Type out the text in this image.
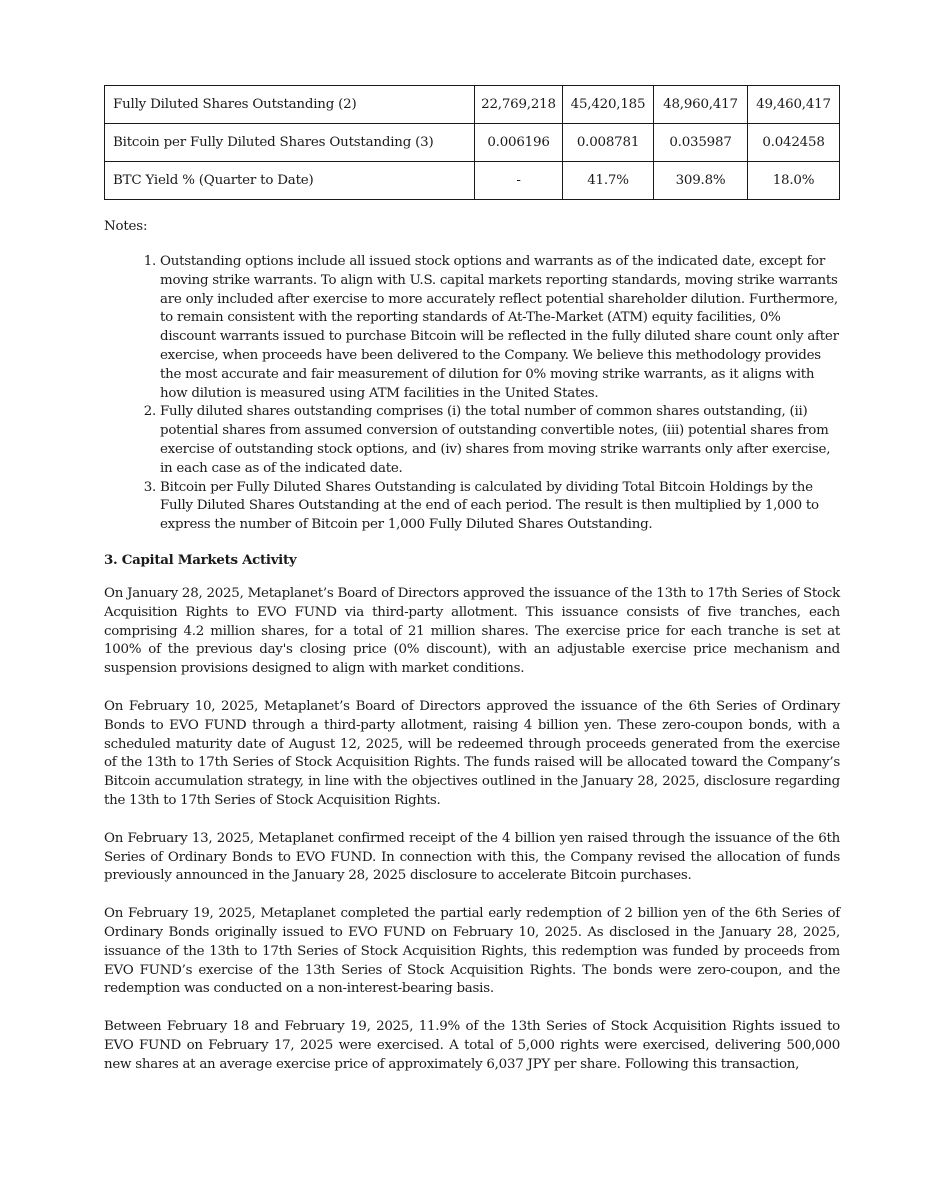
Fully Diluted Shares Outstanding (2)	22,769,218	45,420,185	48,960,417	49,460,417
Bitcoin per Fully Diluted Shares Outstanding (3)	0.006196	0.008781	0.035987	0.042458
BTC Yield % (Quarter to Date)	-	41.7%	309.8%	18.0%
Notes:
1. Outstanding options include all issued stock options and warrants as of the indicated date, except for moving strike warrants. To align with U.S. capital markets reporting standards, moving strike warrants are only included after exercise to more accurately reflect potential shareholder dilution. Furthermore, to remain consistent with the reporting standards of At-The-Market (ATM) equity facilities, 0% discount warrants issued to purchase Bitcoin will be reflected in the fully diluted share count only after exercise, when proceeds have been delivered to the Company. We believe this methodology provides the most accurate and fair measurement of dilution for 0% moving strike warrants, as it aligns with how dilution is measured using ATM facilities in the United States.
2. Fully diluted shares outstanding comprises (i) the total number of common shares outstanding, (ii) potential shares from assumed conversion of outstanding convertible notes, (iii) potential shares from exercise of outstanding stock options, and (iv) shares from moving strike warrants only after exercise, in each case as of the indicated date.
3. Bitcoin per Fully Diluted Shares Outstanding is calculated by dividing Total Bitcoin Holdings by the Fully Diluted Shares Outstanding at the end of each period. The result is then multiplied by 1,000 to express the number of Bitcoin per 1,000 Fully Diluted Shares Outstanding.
3. Capital Markets Activity

On January 28, 2025, Metaplanet’s Board of Directors approved the issuance of the 13th to 17th Series of Stock Acquisition Rights to EVO FUND via third-party allotment. This issuance consists of five tranches, each comprising 4.2 million shares, for a total of 21 million shares. The exercise price for each tranche is set at 100% of the previous day's closing price (0% discount), with an adjustable exercise price mechanism and suspension provisions designed to align with market conditions.

On February 10, 2025, Metaplanet’s Board of Directors approved the issuance of the 6th Series of Ordinary Bonds to EVO FUND through a third-party allotment, raising 4 billion yen. These zero-coupon bonds, with a scheduled maturity date of August 12, 2025, will be redeemed through proceeds generated from the exercise of the 13th to 17th Series of Stock Acquisition Rights. The funds raised will be allocated toward the Company’s Bitcoin accumulation strategy, in line with the objectives outlined in the January 28, 2025, disclosure regarding the 13th to 17th Series of Stock Acquisition Rights.

On February 13, 2025, Metaplanet confirmed receipt of the 4 billion yen raised through the issuance of the 6th Series of Ordinary Bonds to EVO FUND. In connection with this, the Company revised the allocation of funds previously announced in the January 28, 2025 disclosure to accelerate Bitcoin purchases.

On February 19, 2025, Metaplanet completed the partial early redemption of 2 billion yen of the 6th Series of Ordinary Bonds originally issued to EVO FUND on February 10, 2025. As disclosed in the January 28, 2025, issuance of the 13th to 17th Series of Stock Acquisition Rights, this redemption was funded by proceeds from EVO FUND’s exercise of the 13th Series of Stock Acquisition Rights. The bonds were zero-coupon, and the redemption was conducted on a non-interest-bearing basis.

Between February 18 and February 19, 2025, 11.9% of the 13th Series of Stock Acquisition Rights issued to EVO FUND on February 17, 2025 were exercised. A total of 5,000 rights were exercised, delivering 500,000 new shares at an average exercise price of approximately 6,037 JPY per share. Following this transaction,
